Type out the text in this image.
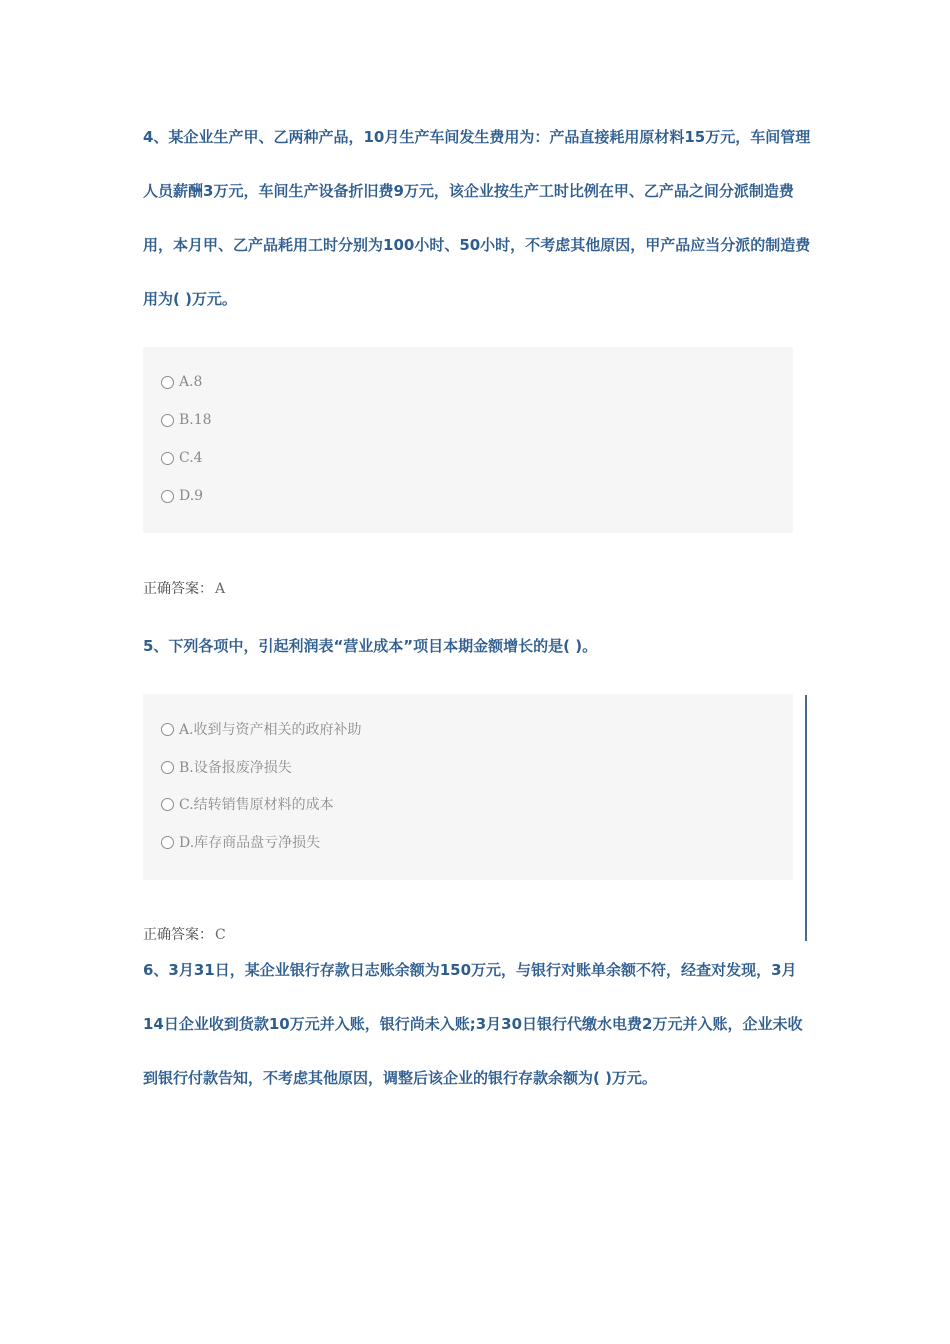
4、某企业生产甲、乙两种产品，10月生产车间发生费用为：产品直接耗用原材料15万元，车间管理人员薪酬3万元，车间生产设备折旧费9万元，该企业按生产工时比例在甲、乙产品之间分派制造费用，本月甲、乙产品耗用工时分别为100小时、50小时，不考虑其他原因，甲产品应当分派的制造费用为( )万元。

A.8
B.18
C.4
D.9
正确答案： A

5、下列各项中，引起利润表“营业成本”项目本期金额增长的是( )。

A.收到与资产相关的政府补助
B.设备报废净损失
C.结转销售原材料的成本
D.库存商品盘亏净损失
正确答案： C

6、3月31日，某企业银行存款日志账余额为150万元，与银行对账单余额不符，经查对发现，3月14日企业收到货款10万元并入账，银行尚未入账;3月30日银行代缴水电费2万元并入账，企业未收到银行付款告知，不考虑其他原因，调整后该企业的银行存款余额为( )万元。
